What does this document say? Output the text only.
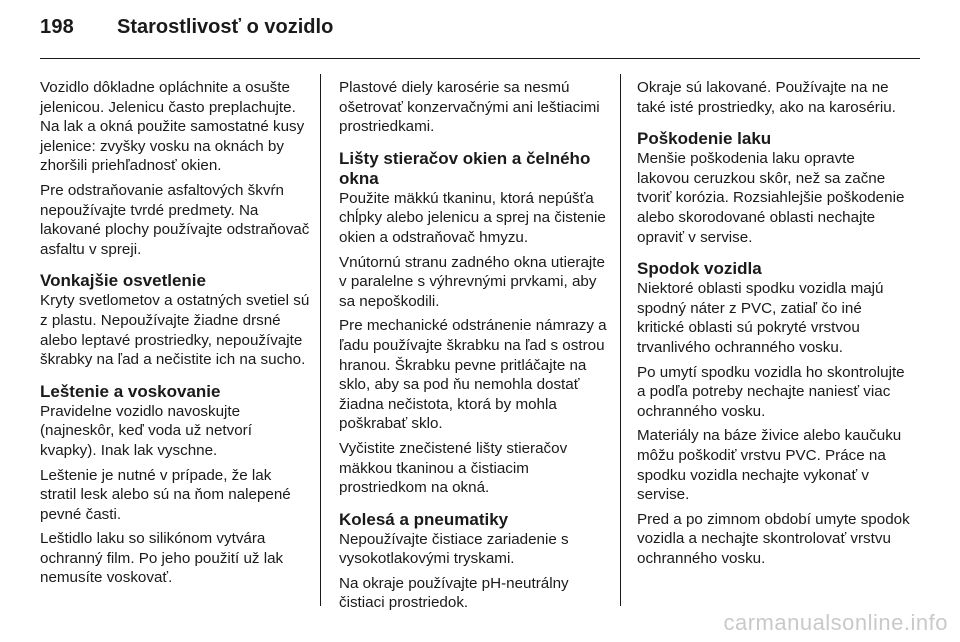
198 Starostlivosť o vozidlo

Vozidlo dôkladne opláchnite a osušte jelenicou. Jelenicu často preplachujte. Na lak a okná použite samostatné kusy jelenice: zvyšky vosku na oknách by zhoršili priehľadnosť okien.

Pre odstraňovanie asfaltových škvŕn nepoužívajte tvrdé predmety. Na lakované plochy používajte odstraňovač asfaltu v spreji.

Vonkajšie osvetlenie

Kryty svetlometov a ostatných svetiel sú z plastu. Nepoužívajte žiadne drsné alebo leptavé prostriedky, nepoužívajte škrabky na ľad a nečistite ich na sucho.

Leštenie a voskovanie

Pravidelne vozidlo navoskujte (najneskôr, keď voda už netvorí kvapky). Inak lak vyschne.

Leštenie je nutné v prípade, že lak stratil lesk alebo sú na ňom nalepené pevné časti.

Leštidlo laku so silikónom vytvára ochranný film. Po jeho použití už lak nemusíte voskovať.

Plastové diely karosérie sa nesmú ošetrovať konzervačnými ani leštiacimi prostriedkami.

Lišty stieračov okien a čelného okna

Použite mäkkú tkaninu, ktorá nepúšťa chĺpky alebo jelenicu a sprej na čistenie okien a odstraňovač hmyzu.

Vnútornú stranu zadného okna utierajte v paralelne s výhrevnými prvkami, aby sa nepoškodili.

Pre mechanické odstránenie námrazy a ľadu používajte škrabku na ľad s ostrou hranou. Škrabku pevne pritláčajte na sklo, aby sa pod ňu nemohla dostať žiadna nečistota, ktorá by mohla poškrabať sklo.

Vyčistite znečistené lišty stieračov mäkkou tkaninou a čistiacim prostriedkom na okná.

Kolesá a pneumatiky

Nepoužívajte čistiace zariadenie s vysokotlakovými tryskami.

Na okraje používajte pH-neutrálny čistiaci prostriedok.

Okraje sú lakované. Používajte na ne také isté prostriedky, ako na karosériu.

Poškodenie laku

Menšie poškodenia laku opravte lakovou ceruzkou skôr, než sa začne tvoriť korózia. Rozsiahlejšie poškodenie alebo skorodované oblasti nechajte opraviť v servise.

Spodok vozidla

Niektoré oblasti spodku vozidla majú spodný náter z PVC, zatiaľ čo iné kritické oblasti sú pokryté vrstvou trvanlivého ochranného vosku.

Po umytí spodku vozidla ho skontrolujte a podľa potreby nechajte naniesť viac ochranného vosku.

Materiály na báze živice alebo kaučuku môžu poškodiť vrstvu PVC. Práce na spodku vozidla nechajte vykonať v servise.

Pred a po zimnom období umyte spodok vozidla a nechajte skontrolovať vrstvu ochranného vosku.

carmanualsonline.info
